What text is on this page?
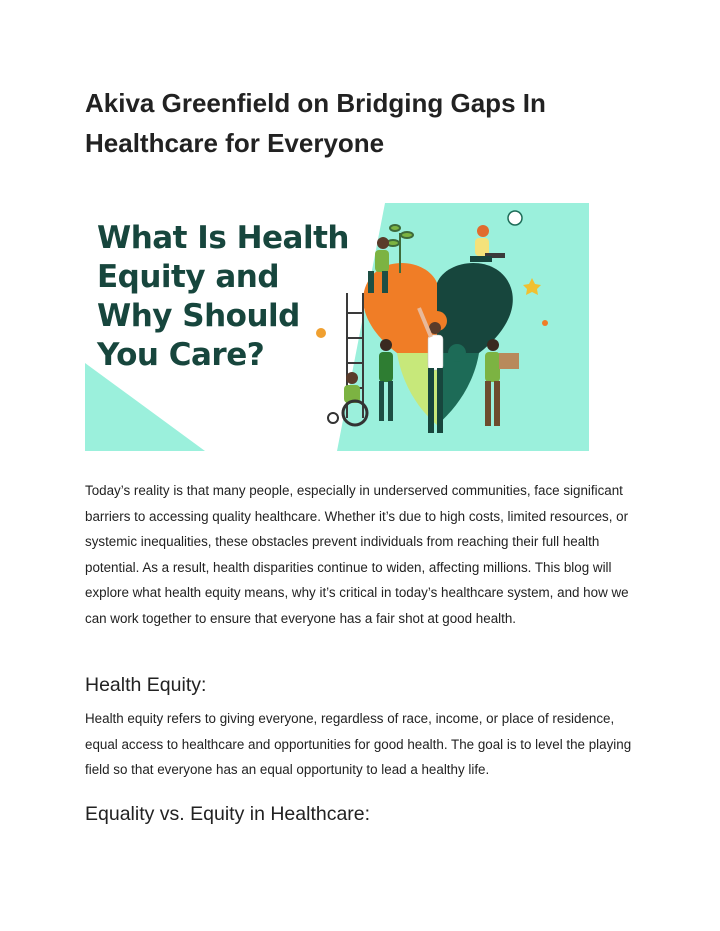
Akiva Greenfield on Bridging Gaps In Healthcare for Everyone
What Is Health
Equity and
Why Should
You Care?

Today’s reality is that many people, especially in underserved communities, face significant barriers to accessing quality healthcare. Whether it’s due to high costs, limited resources, or systemic inequalities, these obstacles prevent individuals from reaching their full health potential. As a result, health disparities continue to widen, affecting millions. This blog will explore what health equity means, why it’s critical in today’s healthcare system, and how we can work together to ensure that everyone has a fair shot at good health.

Health Equity:

Health equity refers to giving everyone, regardless of race, income, or place of residence, equal access to healthcare and opportunities for good health. The goal is to level the playing field so that everyone has an equal opportunity to lead a healthy life.

Equality vs. Equity in Healthcare:
